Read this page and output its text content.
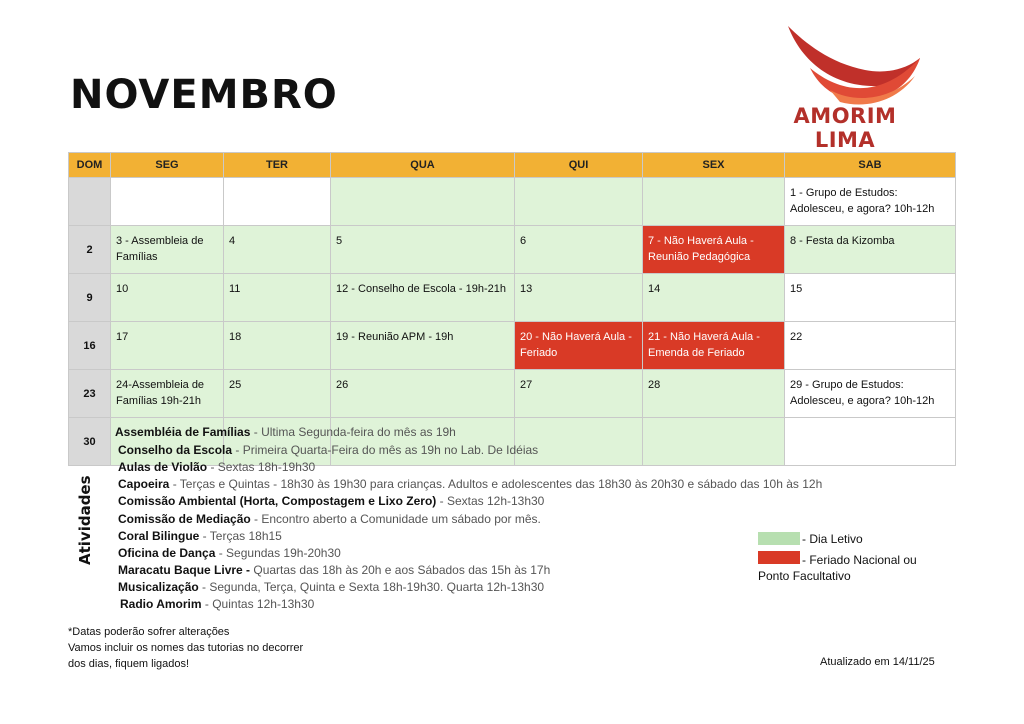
NOVEMBRO	AMORIM LIMA
DOM	SEG	TER	QUA	QUI	SEX	SAB
						1 - Grupo de Estudos: Adolesceu, e agora? 10h-12h
2	3 - Assembleia de Famílias	4	5	6	7 - Não Haverá Aula - Reunião Pedagógica	8 - Festa da Kizomba
9	10	11	12 - Conselho de Escola - 19h-21h	13	14	15
16	17	18	19 - Reunião APM - 19h	20 - Não Haverá Aula - Feriado	21 - Não Haverá Aula - Emenda de Feriado	22
23	24-Assembleia de Famílias 19h-21h	25	26	27	28	29 - Grupo de Estudos: Adolesceu, e agora? 10h-12h
30						
Atividades
Assembléia de Famílias - Ultima Segunda-feira do mês as 19h
Conselho da Escola - Primeira Quarta-Feira do mês as 19h no Lab. De Idéias
Aulas de Violão - Sextas 18h-19h30
Capoeira - Terças e Quintas - 18h30 às 19h30 para crianças. Adultos e adolescentes das 18h30 às 20h30 e sábado das 10h às 12h
Comissão Ambiental (Horta, Compostagem e Lixo Zero) - Sextas 12h-13h30
Comissão de Mediação - Encontro aberto a Comunidade um sábado por mês.
Coral Bilingue - Terças 18h15
Oficina de Dança - Segundas 19h-20h30
Maracatu Baque Livre - Quartas das 18h às 20h e aos Sábados das 15h às 17h
Musicalização - Segunda, Terça, Quinta e Sexta 18h-19h30. Quarta 12h-13h30
Radio Amorim - Quintas 12h-13h30
- Dia Letivo
- Feriado Nacional ou
Ponto Facultativo
*Datas poderão sofrer alterações
Vamos incluir os nomes das tutorias no decorrer
dos dias, fiquem ligados!	Atualizado em 14/11/25
